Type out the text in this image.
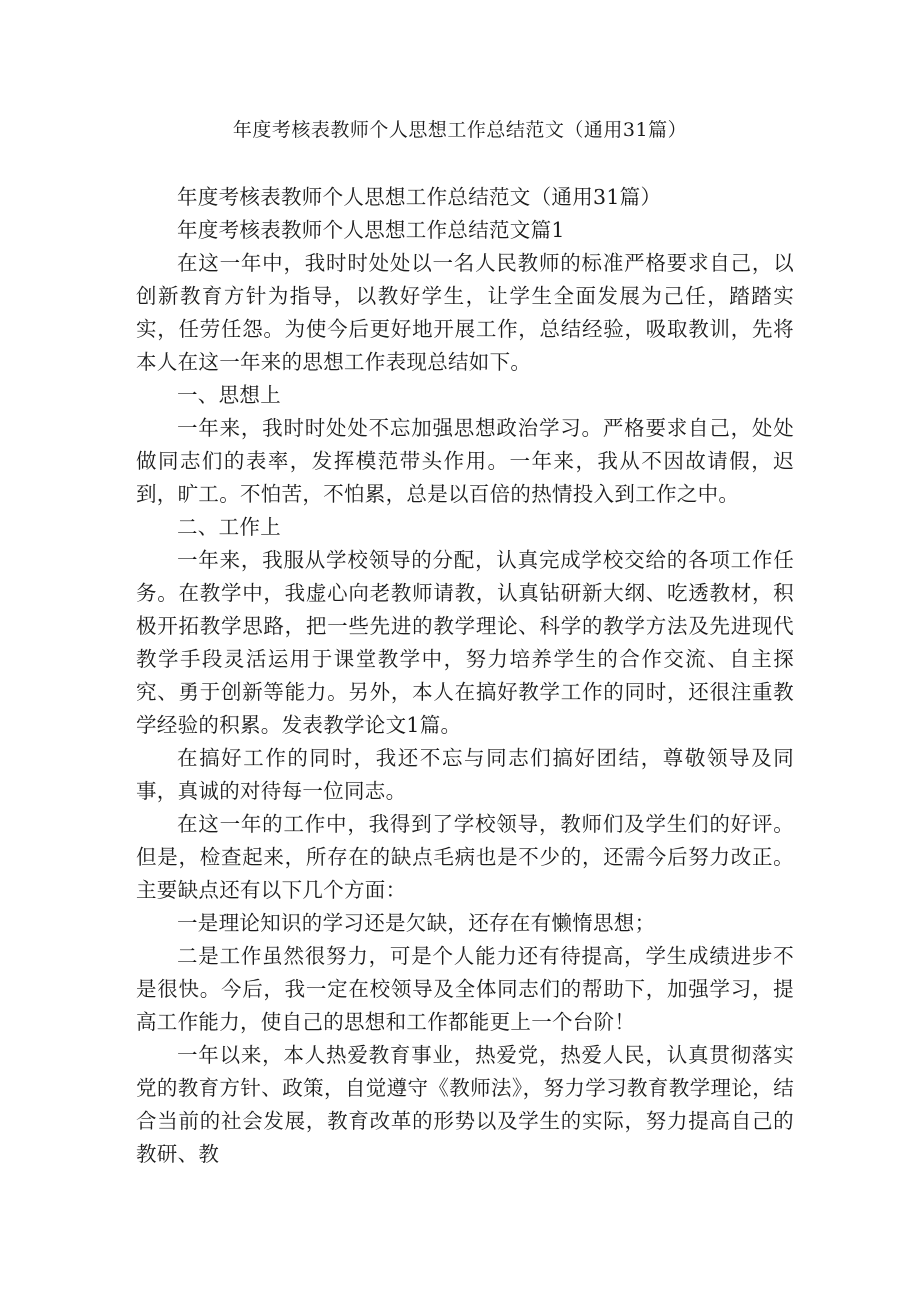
年度考核表教师个人思想工作总结范文（通用31篇）

年度考核表教师个人思想工作总结范文（通用31篇）

年度考核表教师个人思想工作总结范文篇1

在这一年中，我时时处处以一名人民教师的标准严格要求自己，以创新教育方针为指导，以教好学生，让学生全面发展为己任，踏踏实实，任劳任怨。为使今后更好地开展工作，总结经验，吸取教训，先将本人在这一年来的思想工作表现总结如下。

一、思想上

一年来，我时时处处不忘加强思想政治学习。严格要求自己，处处做同志们的表率，发挥模范带头作用。一年来，我从不因故请假，迟到，旷工。不怕苦，不怕累，总是以百倍的热情投入到工作之中。

二、工作上

一年来，我服从学校领导的分配，认真完成学校交给的各项工作任务。在教学中，我虚心向老教师请教，认真钻研新大纲、吃透教材，积极开拓教学思路，把一些先进的教学理论、科学的教学方法及先进现代教学手段灵活运用于课堂教学中，努力培养学生的合作交流、自主探究、勇于创新等能力。另外，本人在搞好教学工作的同时，还很注重教学经验的积累。发表教学论文1篇。

在搞好工作的同时，我还不忘与同志们搞好团结，尊敬领导及同事，真诚的对待每一位同志。

在这一年的工作中，我得到了学校领导，教师们及学生们的好评。但是，检查起来，所存在的缺点毛病也是不少的，还需今后努力改正。主要缺点还有以下几个方面：

一是理论知识的学习还是欠缺，还存在有懒惰思想；

二是工作虽然很努力，可是个人能力还有待提高，学生成绩进步不是很快。今后，我一定在校领导及全体同志们的帮助下，加强学习，提高工作能力，使自己的思想和工作都能更上一个台阶！

一年以来，本人热爱教育事业，热爱党，热爱人民，认真贯彻落实党的教育方针、政策，自觉遵守《教师法》，努力学习教育教学理论，结合当前的社会发展，教育改革的形势以及学生的实际，努力提高自己的教研、教
